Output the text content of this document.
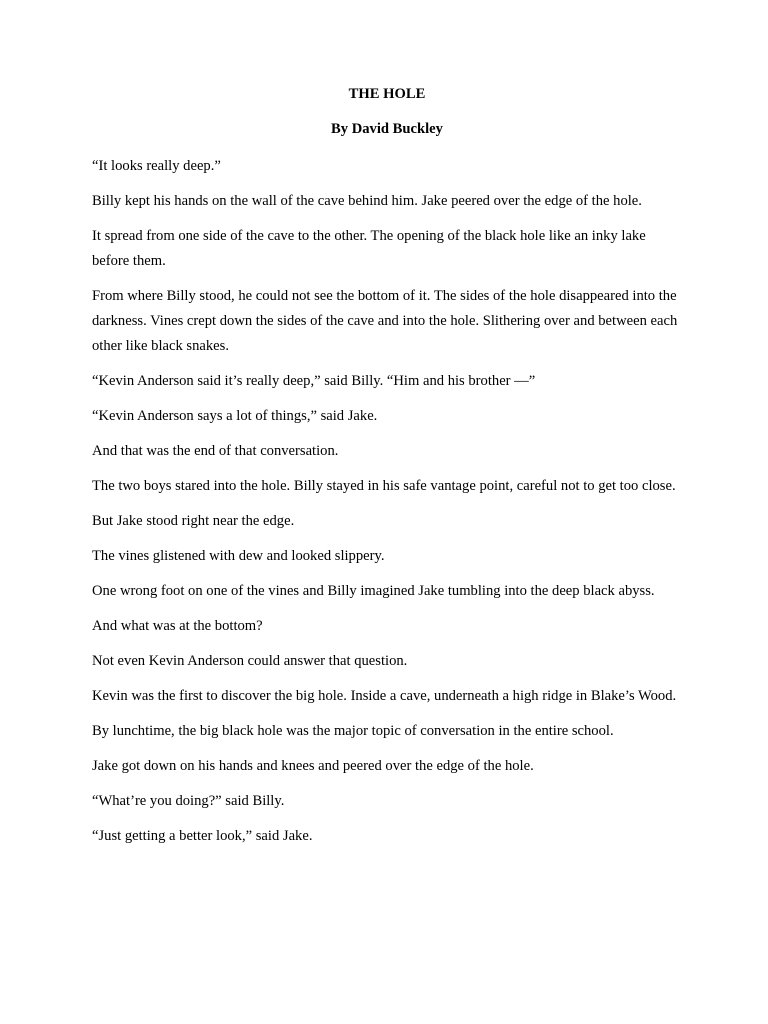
THE HOLE
By David Buckley

“It looks really deep.”

Billy kept his hands on the wall of the cave behind him. Jake peered over the edge of the hole.

It spread from one side of the cave to the other. The opening of the black hole like an inky lake before them.

From where Billy stood, he could not see the bottom of it. The sides of the hole disappeared into the darkness. Vines crept down the sides of the cave and into the hole. Slithering over and between each other like black snakes.

“Kevin Anderson said it’s really deep,” said Billy. “Him and his brother —”

“Kevin Anderson says a lot of things,” said Jake.

And that was the end of that conversation.

The two boys stared into the hole. Billy stayed in his safe vantage point, careful not to get too close.

But Jake stood right near the edge.

The vines glistened with dew and looked slippery.

One wrong foot on one of the vines and Billy imagined Jake tumbling into the deep black abyss.

And what was at the bottom?

Not even Kevin Anderson could answer that question.

Kevin was the first to discover the big hole. Inside a cave, underneath a high ridge in Blake’s Wood.

By lunchtime, the big black hole was the major topic of conversation in the entire school.

Jake got down on his hands and knees and peered over the edge of the hole.

“What’re you doing?” said Billy.

“Just getting a better look,” said Jake.
